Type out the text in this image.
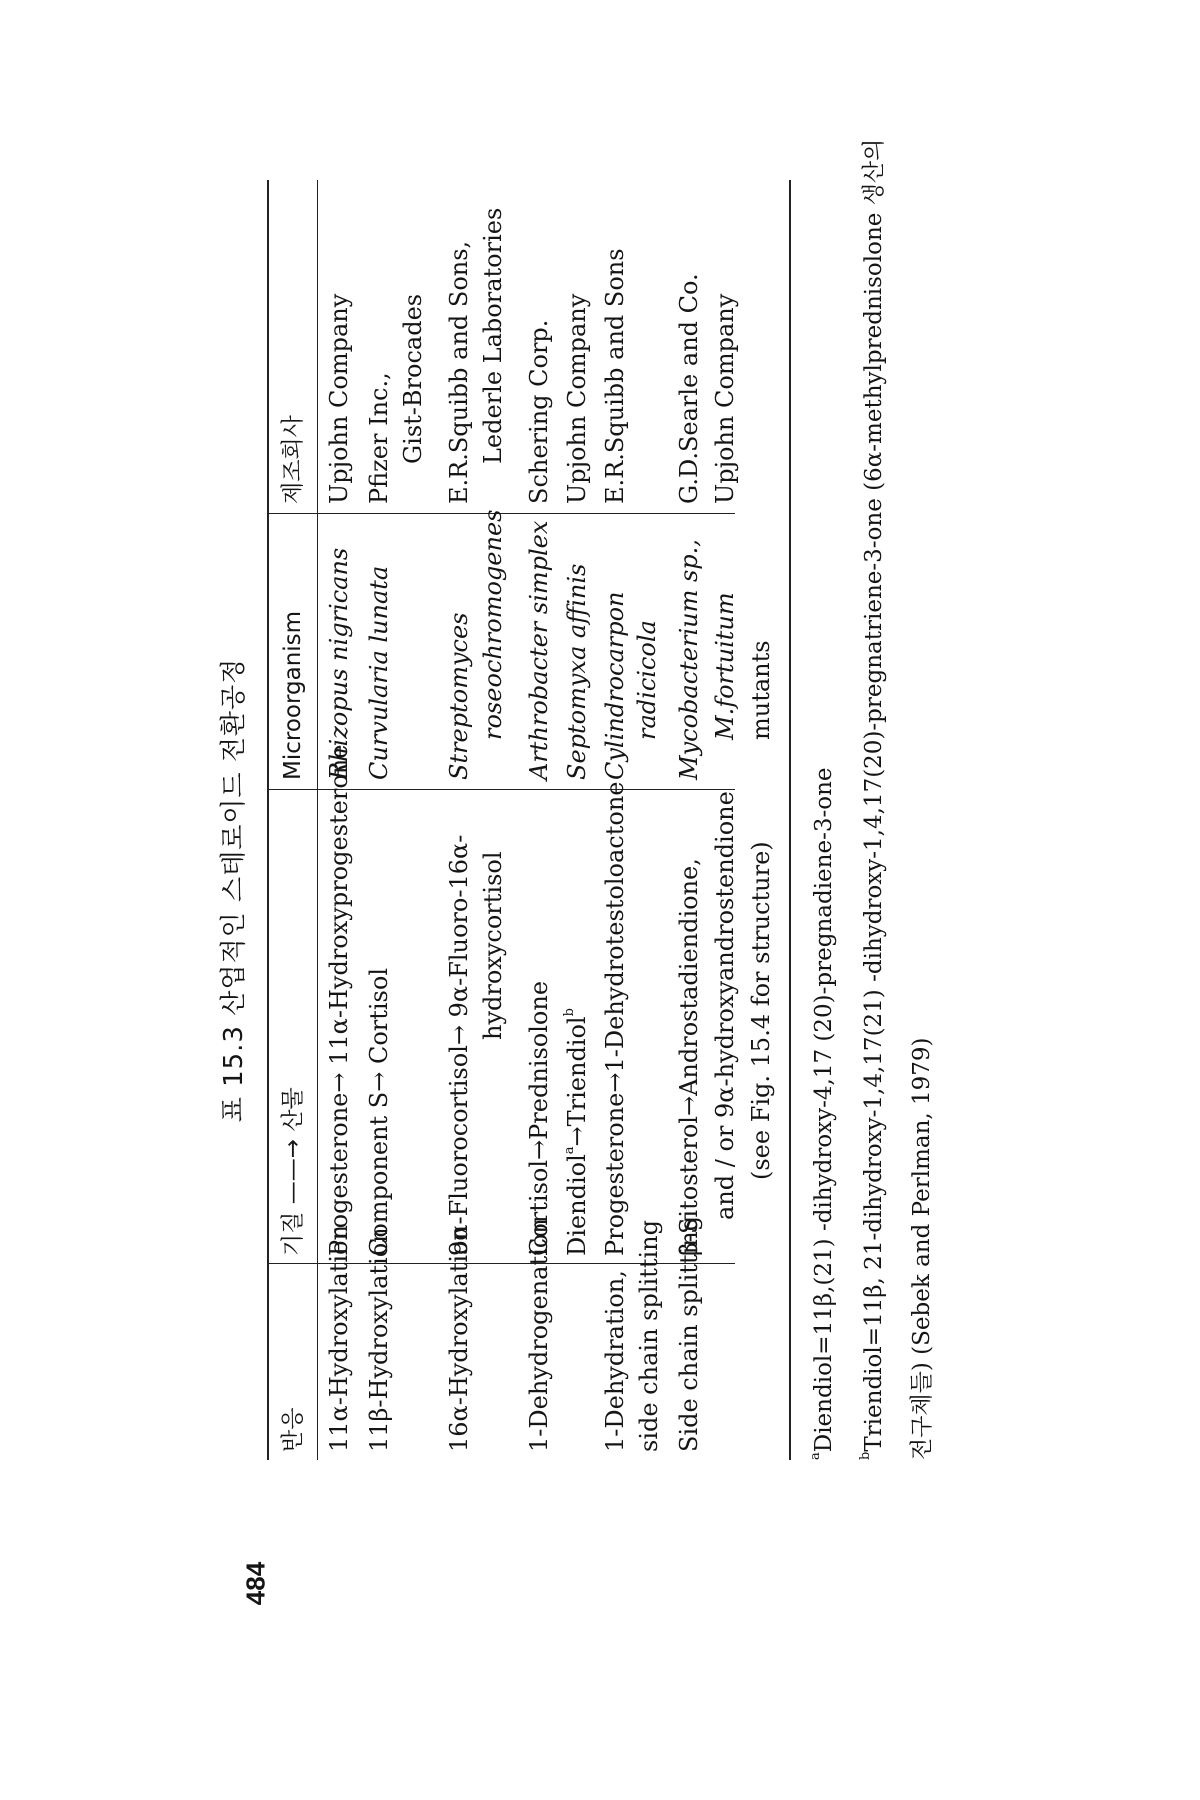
484
표 15.3 산업적인 스테로이드 전환공정
반응
기질 ——→ 산물
Microorganism
제조회사
11α-Hydroxylation
Progesterone→ 11α-Hydroxyprogesterone
Rhizopus nigricans
Upjohn Company
11β-Hydroxylation
Component S→ Cortisol
Curvularia lunata
Pfizer Inc., Gist-Brocades
16α-Hydroxylation
9α-Fluorocortisol→ 9α-Fluoro-16α- hydroxycortisol
Streptomyces roseochromogenes
E.R.Squibb and Sons, Lederle Laboratories
1-Dehydrogenation
Cortisol→Prednisolone
Arthrobacter simplex
Schering Corp.
Diendiol$^a$→Triendiol$^b$
Septomyxa affinis
Upjohn Company
1-Dehydration, side chain splitting
Progesterone→1-Dehydrotestoloactone
Cylindrocarpon radicicola
E.R.Squibb and Sons
Side chain splitting
β-Sitosterol→Androstadiendione, and / or 9α-hydroxyandrostendione (see Fig. 15.4 for structure)
Mycobacterium sp., M.fortuitum mutants
G.D.Searle and Co. Upjohn Company
$^a$Diendiol=11β,(21) -dihydroxy-4,17 (20)-pregnadiene-3-one
$^b$Triendiol=11β, 21-dihydroxy-1,4,17(21) -dihydroxy-1,4,17(20)-pregnatriene-3-one (6α-methylprednisolone 생산의 전구체들) (Sebek and Perlman, 1979)
